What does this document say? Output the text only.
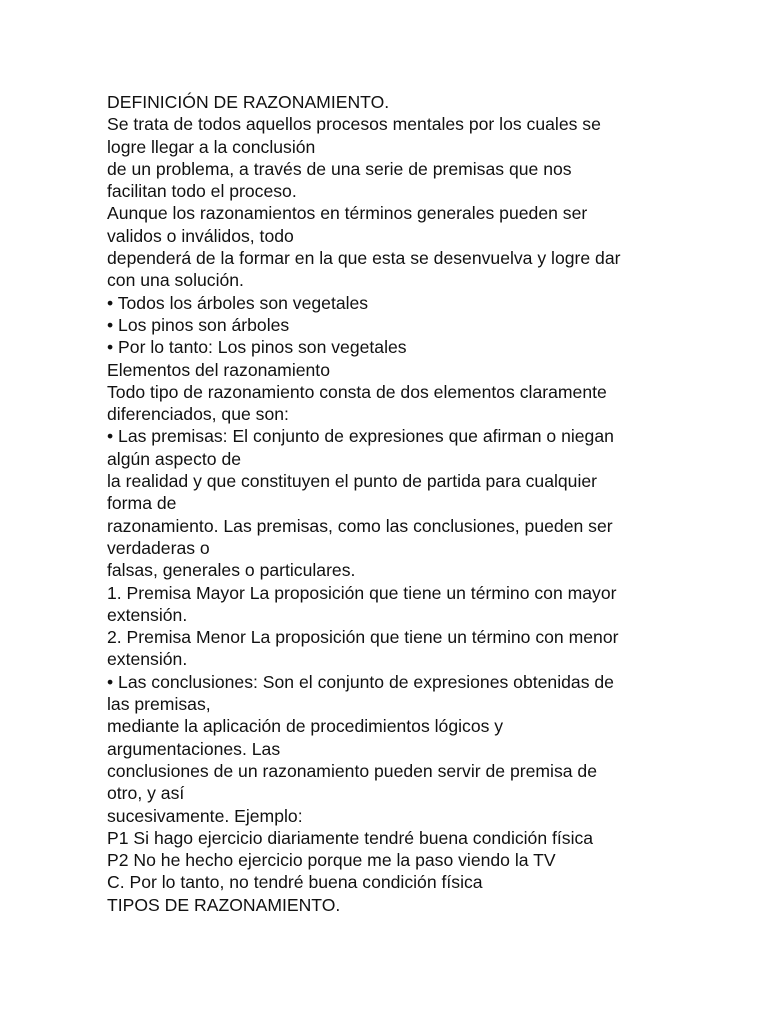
DEFINICIÓN DE RAZONAMIENTO.
Se trata de todos aquellos procesos mentales por los cuales se
logre llegar a la conclusión
de un problema, a través de una serie de premisas que nos
facilitan todo el proceso.
Aunque los razonamientos en términos generales pueden ser
validos o inválidos, todo
dependerá de la formar en la que esta se desenvuelva y logre dar
con una solución.
• Todos los árboles son vegetales
• Los pinos son árboles
• Por lo tanto: Los pinos son vegetales
Elementos del razonamiento
Todo tipo de razonamiento consta de dos elementos claramente
diferenciados, que son:
• Las premisas: El conjunto de expresiones que afirman o niegan
algún aspecto de
la realidad y que constituyen el punto de partida para cualquier
forma de
razonamiento. Las premisas, como las conclusiones, pueden ser
verdaderas o
falsas, generales o particulares.
1. Premisa Mayor La proposición que tiene un término con mayor
extensión.
2. Premisa Menor La proposición que tiene un término con menor
extensión.
• Las conclusiones: Son el conjunto de expresiones obtenidas de
las premisas,
mediante la aplicación de procedimientos lógicos y
argumentaciones. Las
conclusiones de un razonamiento pueden servir de premisa de
otro, y así
sucesivamente. Ejemplo:
P1 Si hago ejercicio diariamente tendré buena condición física
P2 No he hecho ejercicio porque me la paso viendo la TV
C. Por lo tanto, no tendré buena condición física
TIPOS DE RAZONAMIENTO.
